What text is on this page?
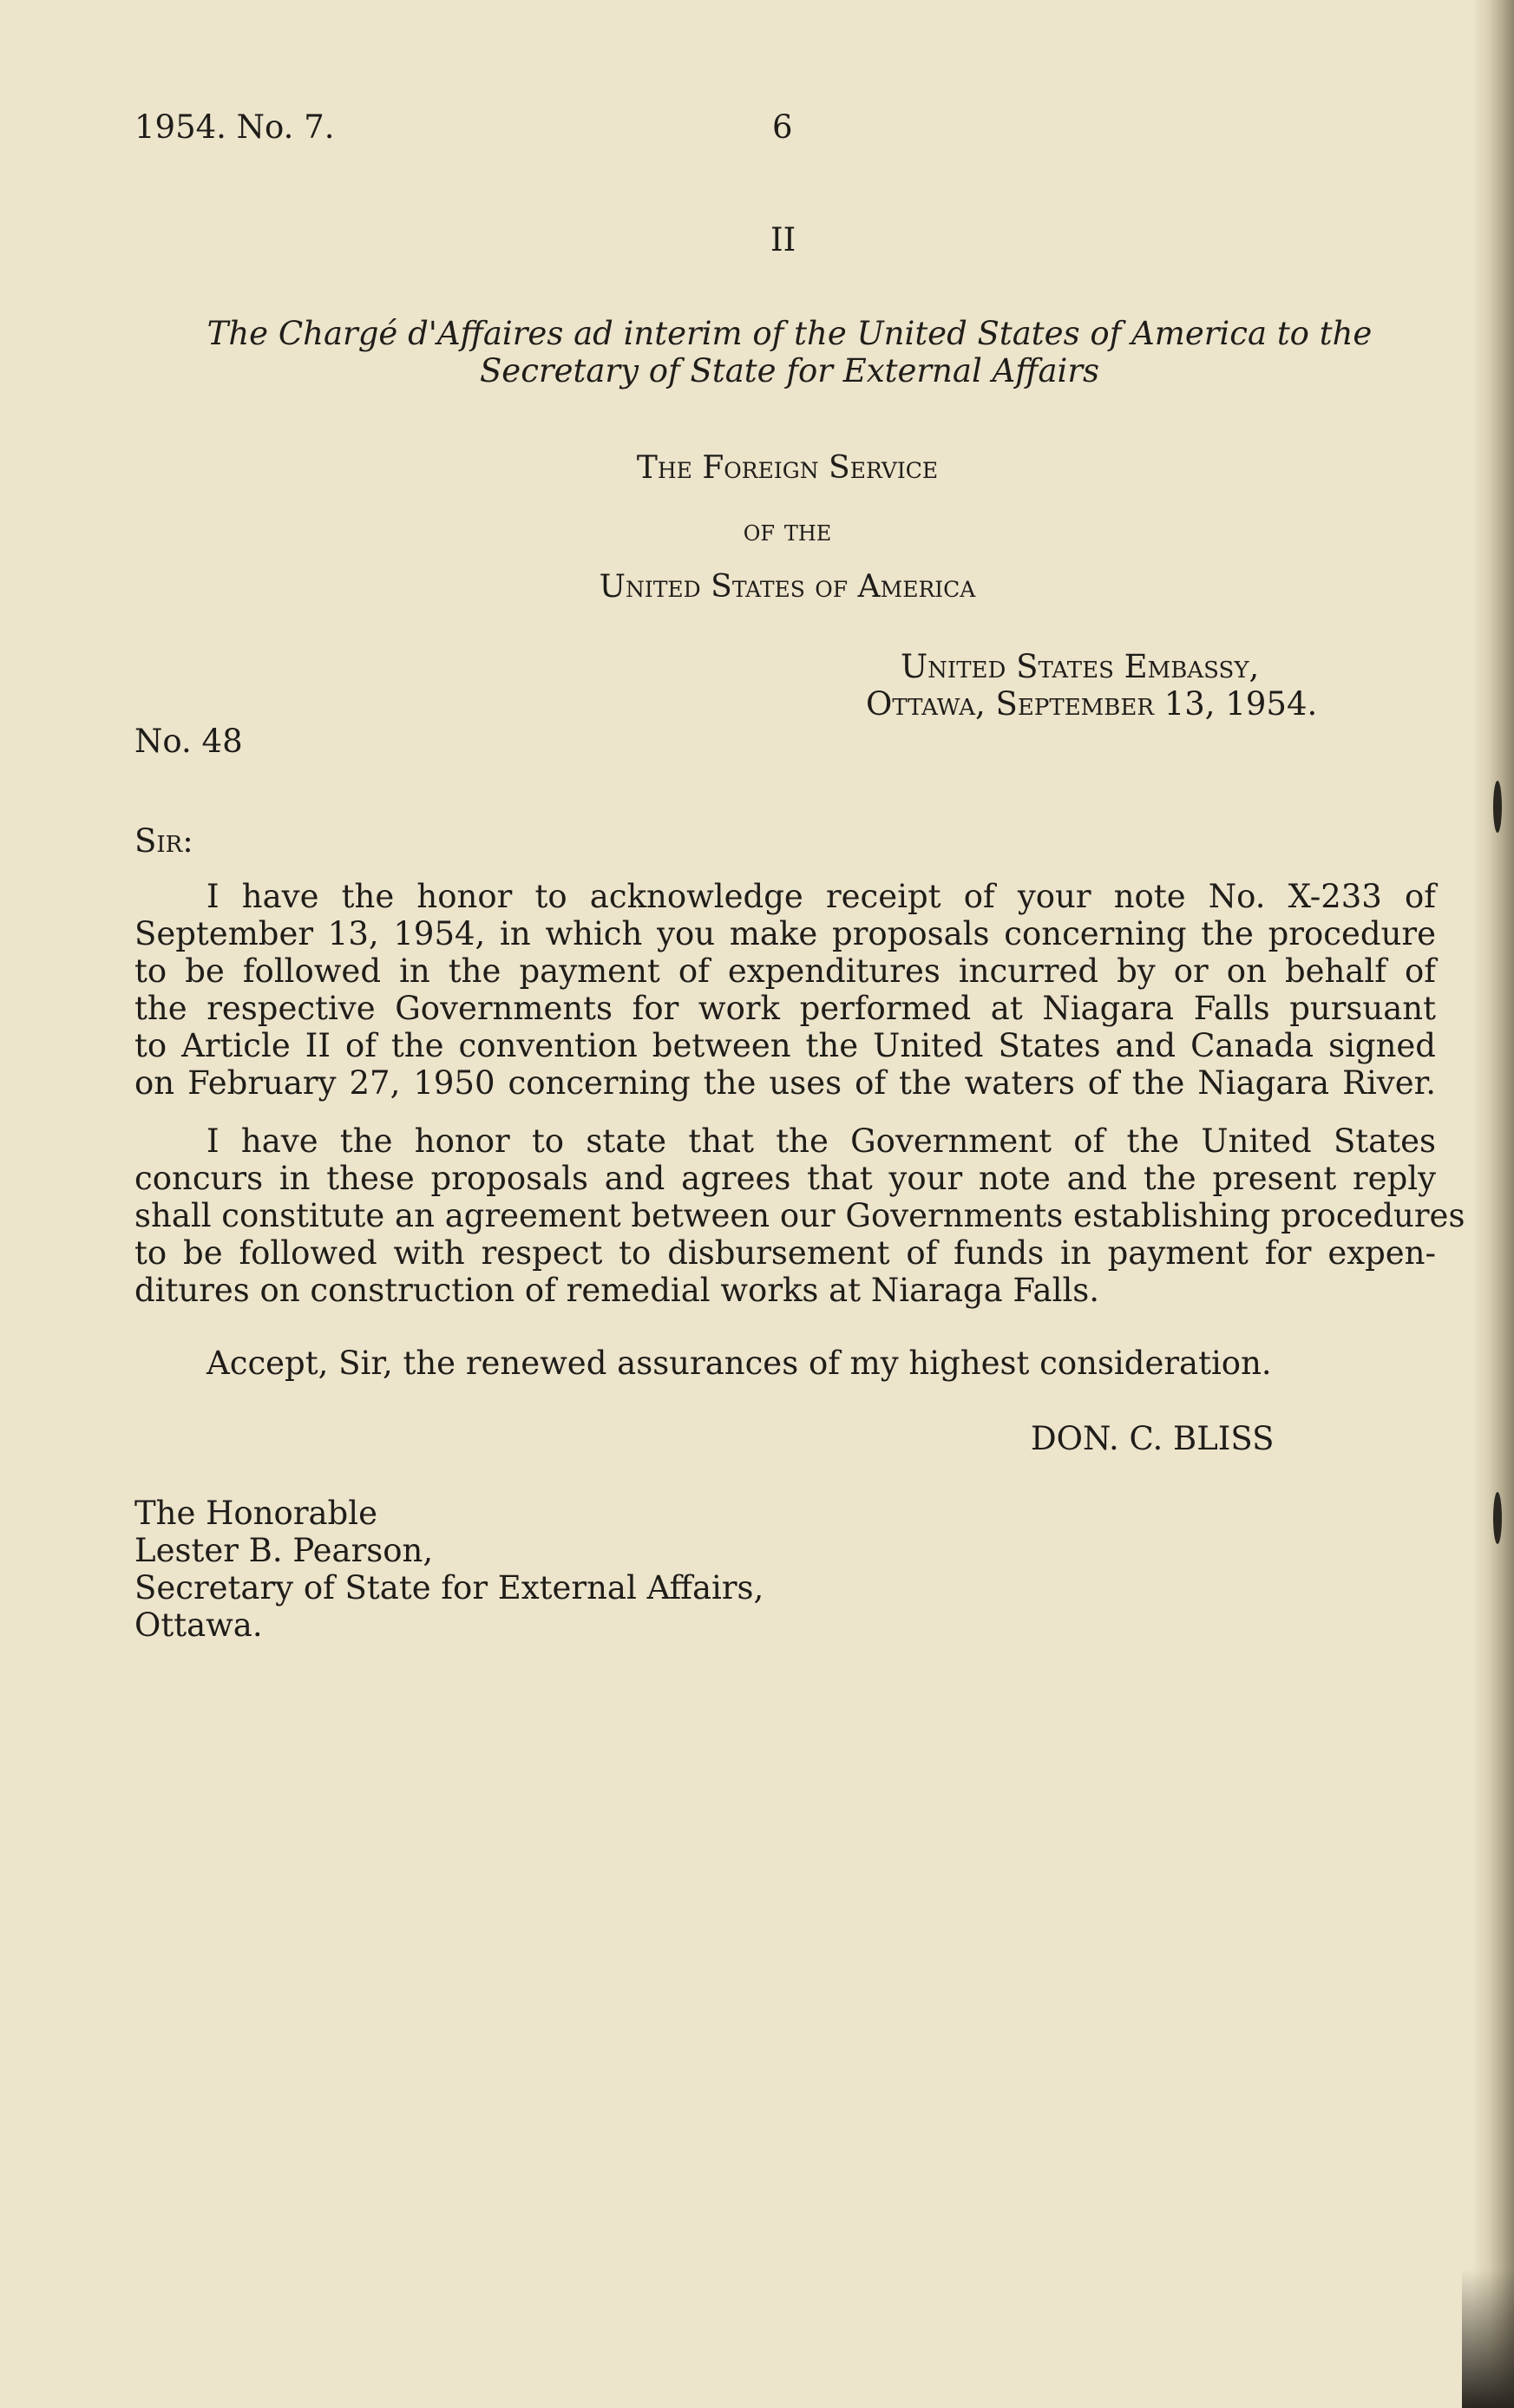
1954. No. 7.	6
II
The Chargé d'Affaires ad interim of the United States of America to the
Secretary of State for External Affairs
The Foreign Service
of the
United States of America
United States Embassy,
Ottawa, September 13, 1954.
No. 48
Sir:
I have the honor to acknowledge receipt of your note No. X-233 of
September 13, 1954, in which you make proposals concerning the procedure
to be followed in the payment of expenditures incurred by or on behalf of
the respective Governments for work performed at Niagara Falls pursuant
to Article II of the convention between the United States and Canada signed
on February 27, 1950 concerning the uses of the waters of the Niagara River.
I have the honor to state that the Government of the United States
concurs in these proposals and agrees that your note and the present reply
shall constitute an agreement between our Governments establishing procedures
to be followed with respect to disbursement of funds in payment for expen-
ditures on construction of remedial works at Niaraga Falls.
Accept, Sir, the renewed assurances of my highest consideration.
DON. C. BLISS
The Honorable
Lester B. Pearson,
Secretary of State for External Affairs,
Ottawa.
